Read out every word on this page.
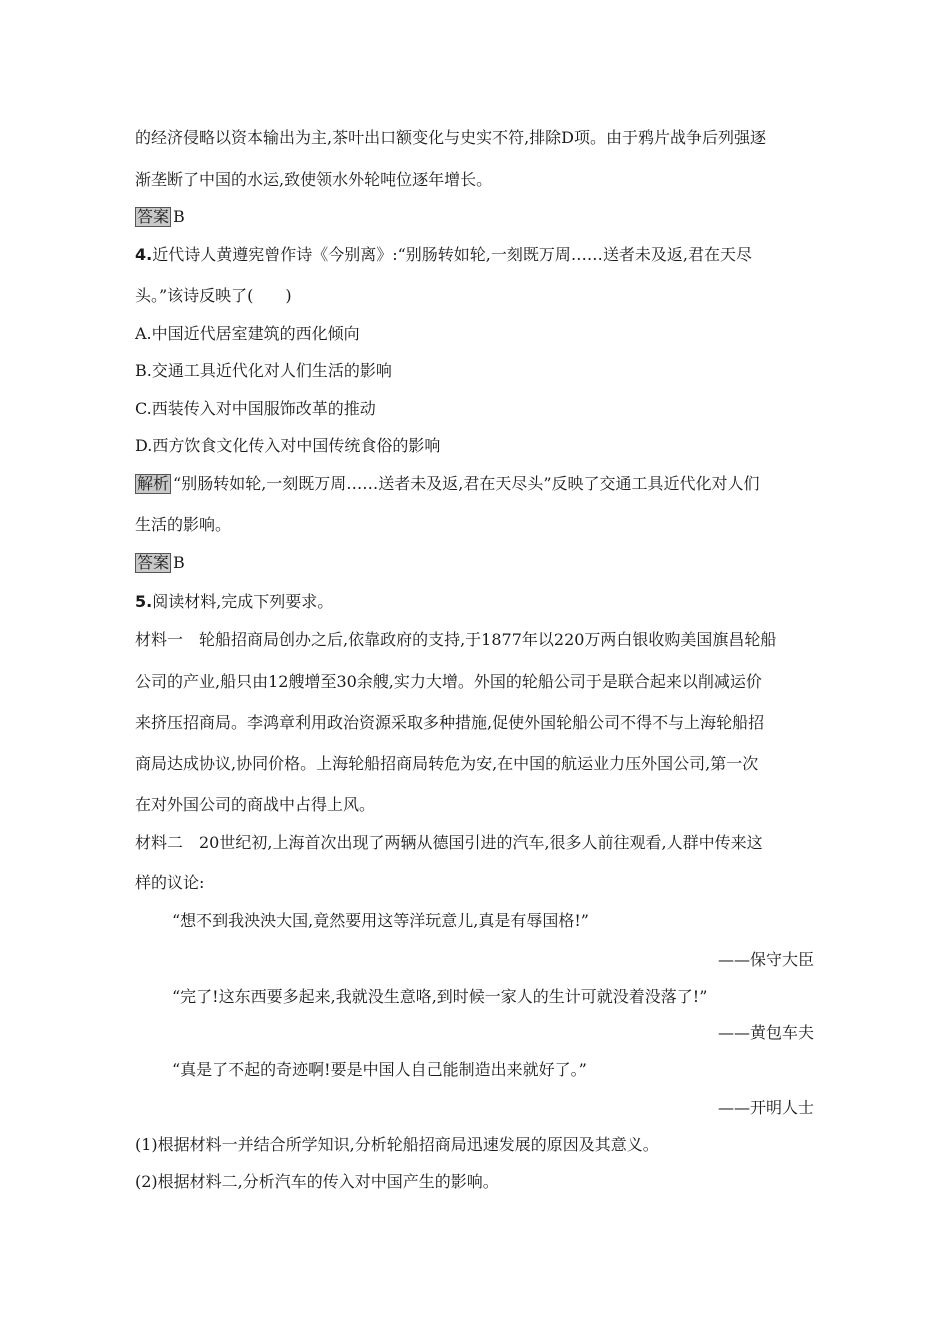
的经济侵略以资本输出为主,茶叶出口额变化与史实不符,排除D项。由于鸦片战争后列强逐
渐垄断了中国的水运,致使领水外轮吨位逐年增长。
答案 B
4.近代诗人黄遵宪曾作诗《今别离》:“别肠转如轮,一刻既万周……送者未及返,君在天尽
头。”该诗反映了(　　)
A.中国近代居室建筑的西化倾向
B.交通工具近代化对人们生活的影响
C.西装传入对中国服饰改革的推动
D.西方饮食文化传入对中国传统食俗的影响
解析 “别肠转如轮,一刻既万周……送者未及返,君在天尽头”反映了交通工具近代化对人们
生活的影响。
答案 B
5.阅读材料,完成下列要求。
材料一　轮船招商局创办之后,依靠政府的支持,于1877年以220万两白银收购美国旗昌轮船
公司的产业,船只由12艘增至30余艘,实力大增。外国的轮船公司于是联合起来以削减运价
来挤压招商局。李鸿章利用政治资源采取多种措施,促使外国轮船公司不得不与上海轮船招
商局达成协议,协同价格。上海轮船招商局转危为安,在中国的航运业力压外国公司,第一次
在对外国公司的商战中占得上风。
材料二　20世纪初,上海首次出现了两辆从德国引进的汽车,很多人前往观看,人群中传来这
样的议论:
“想不到我泱泱大国,竟然要用这等洋玩意儿,真是有辱国格!”
——保守大臣
“完了!这东西要多起来,我就没生意咯,到时候一家人的生计可就没着没落了!”
——黄包车夫
“真是了不起的奇迹啊!要是中国人自己能制造出来就好了。”
——开明人士
(1)根据材料一并结合所学知识,分析轮船招商局迅速发展的原因及其意义。
(2)根据材料二,分析汽车的传入对中国产生的影响。
